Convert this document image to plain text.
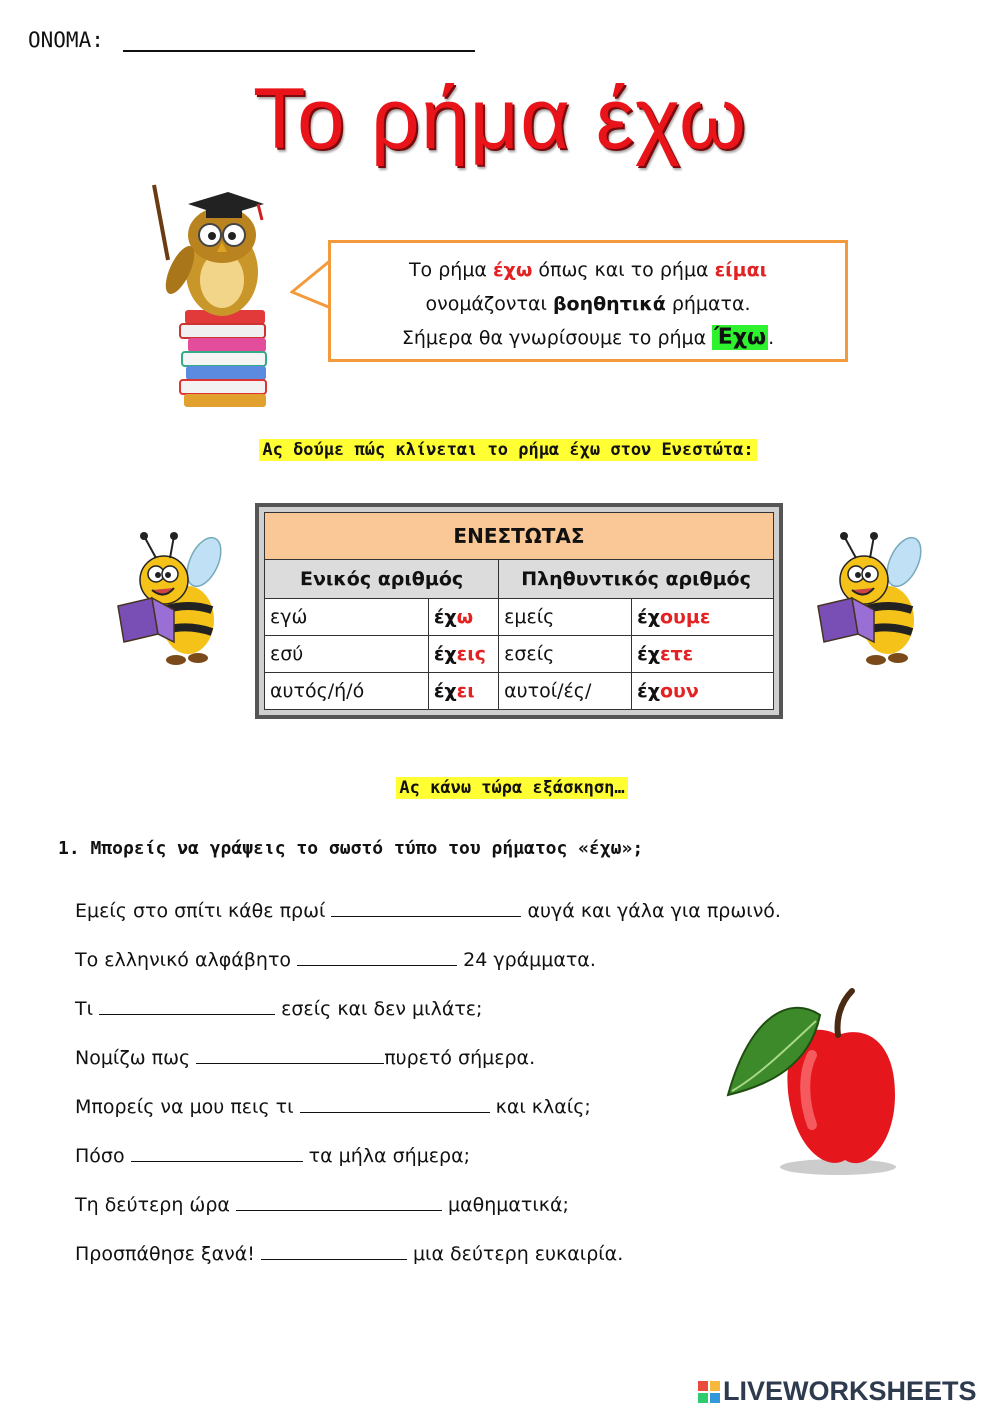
ΟΝΟΜΑ:
Το ρήμα έχω
Το ρήμα έχω όπως και το ρήμα είμαι
ονομάζονται βοηθητικά ρήματα.
Σήμερα θα γνωρίσουμε το ρήμα Έχω .
Ας δούμε πώς κλίνεται το ρήμα έχω στον Ενεστώτα:
ΕΝΕΣΤΩΤΑΣ			
Ενικός αριθμός		Πληθυντικός αριθμός	
εγώ	έχω	εμείς	έχουμε
εσύ	έχεις	εσείς	έχετε
αυτός/ή/ό	έχει	αυτοί/ές/	έχουν
Ας κάνω τώρα εξάσκηση…
1. Μπορείς να γράψεις το σωστό τύπο του ρήματος «έχω»;
Εμείς στο σπίτι κάθε πρωί	αυγά και γάλα για πρωινό.
Το ελληνικό αλφάβητο	24 γράμματα.
Τι	εσείς και δεν μιλάτε;
Νομίζω πως	πυρετό σήμερα.
Μπορείς να μου πεις τι	και κλαίς;
Πόσο	τα μήλα σήμερα;
Τη δεύτερη ώρα	μαθηματικά;
Προσπάθησε ξανά!	μια δεύτερη ευκαιρία.
LIVEWORKSHEETS
